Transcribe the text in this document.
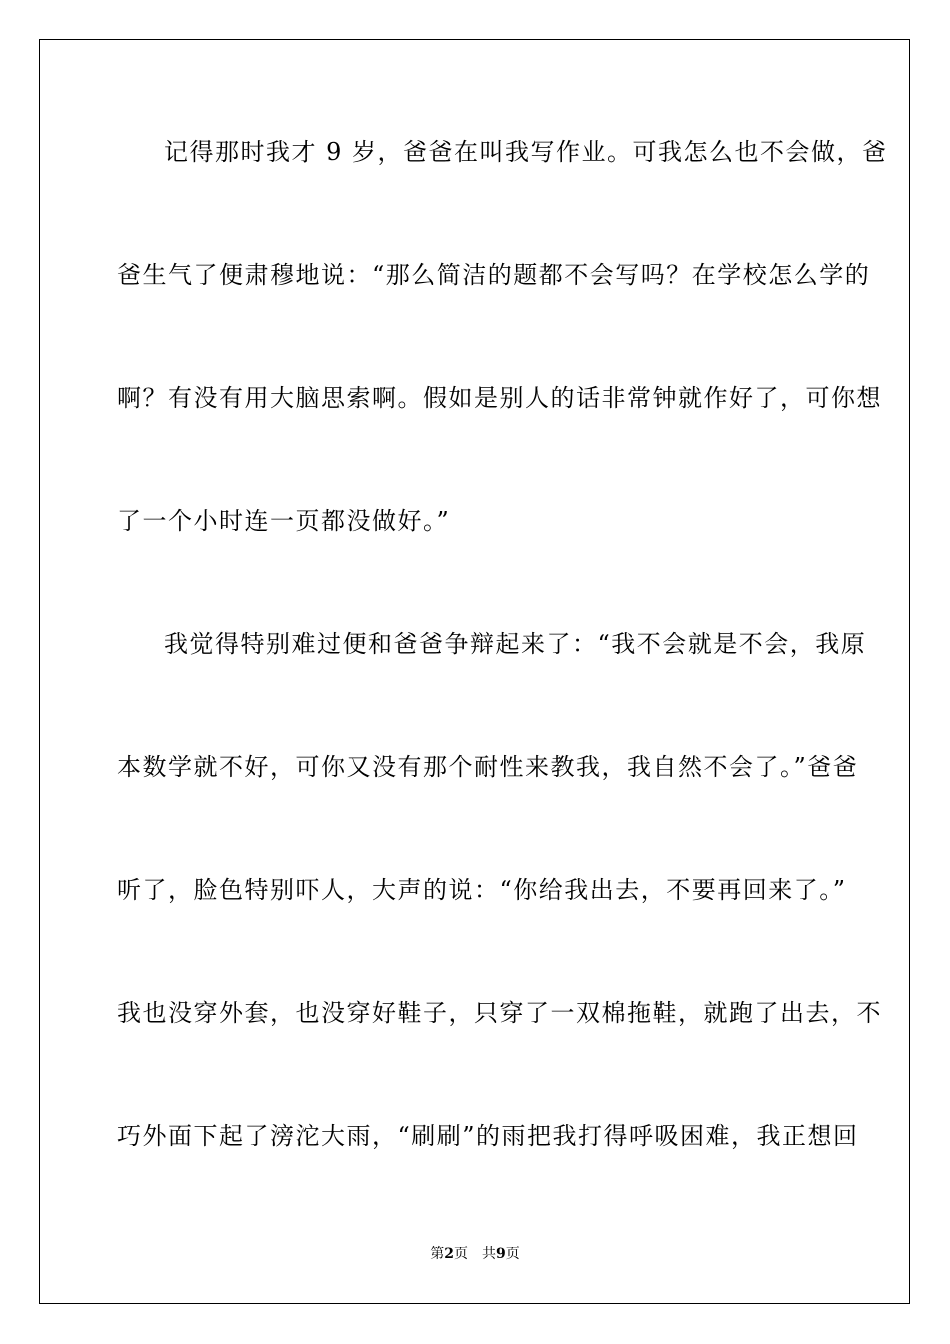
记得那时我才 9 岁，爸爸在叫我写作业。可我怎么也不会做，爸
爸生气了便肃穆地说：“那么简洁的题都不会写吗？在学校怎么学的
啊？有没有用大脑思索啊。假如是别人的话非常钟就作好了，可你想
了一个小时连一页都没做好。”
我觉得特别难过便和爸爸争辩起来了：“我不会就是不会，我原
本数学就不好，可你又没有那个耐性来教我，我自然不会了。”爸爸
听了，脸色特别吓人，大声的说：“你给我出去，不要再回来了。”
我也没穿外套，也没穿好鞋子，只穿了一双棉拖鞋，就跑了出去，不
巧外面下起了滂沱大雨，“刷刷”的雨把我打得呼吸困难，我正想回
第2页 共9页
